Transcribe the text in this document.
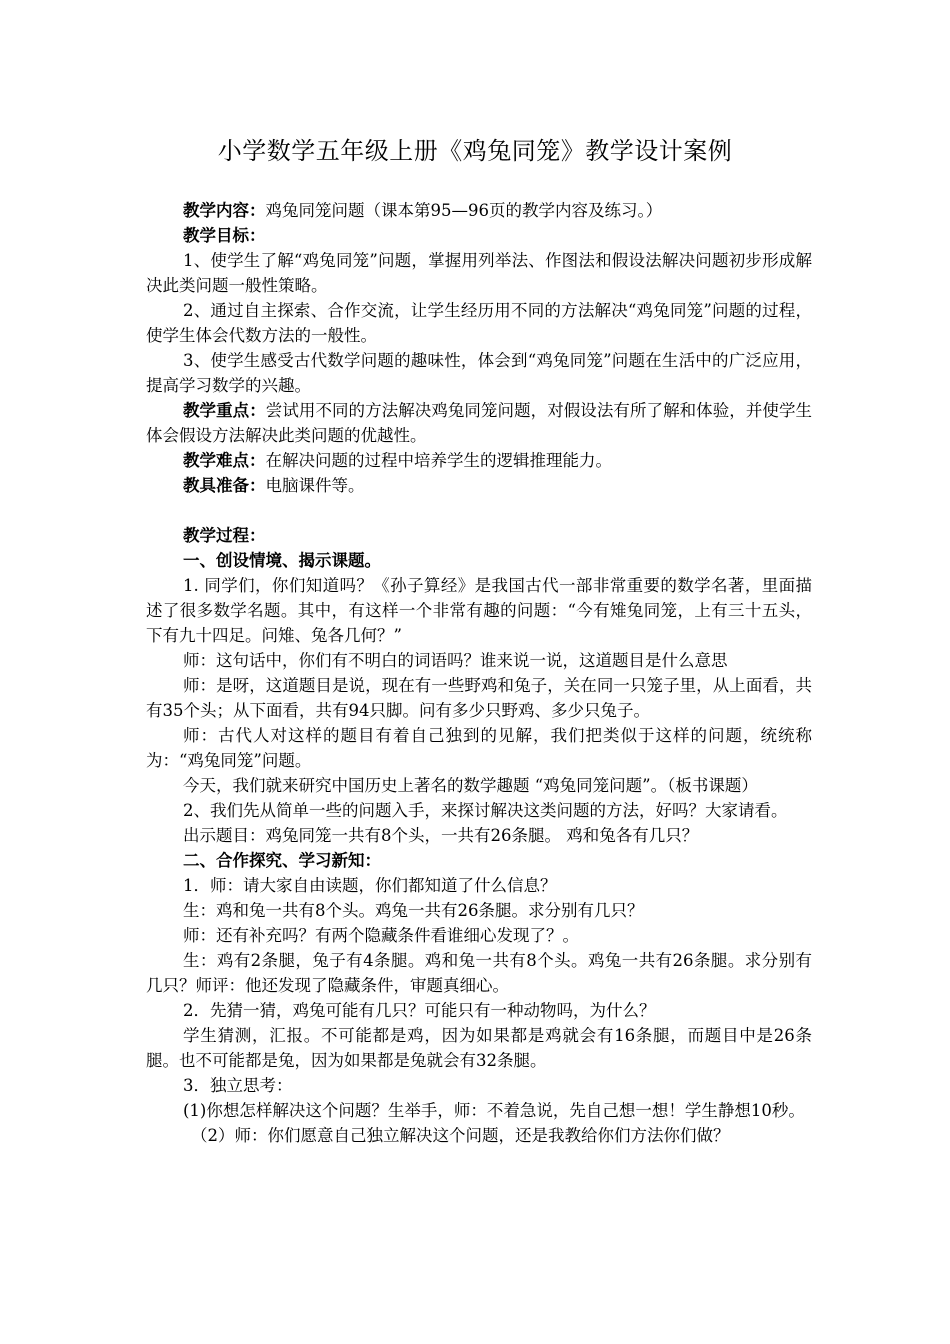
小学数学五年级上册《鸡兔同笼》教学设计案例

教学内容：鸡兔同笼问题（课本第95—96页的教学内容及练习。）

教学目标：

1、使学生了解“鸡兔同笼”问题，掌握用列举法、作图法和假设法解决问题初步形成解决此类问题一般性策略。

2、通过自主探索、合作交流，让学生经历用不同的方法解决“鸡兔同笼”问题的过程，使学生体会代数方法的一般性。

3、使学生感受古代数学问题的趣味性，体会到“鸡兔同笼”问题在生活中的广泛应用，提高学习数学的兴趣。

教学重点：尝试用不同的方法解决鸡兔同笼问题，对假设法有所了解和体验，并使学生体会假设方法解决此类问题的优越性。

教学难点：在解决问题的过程中培养学生的逻辑推理能力。

教具准备：电脑课件等。

教学过程：

一、创设情境、揭示课题。

1. 同学们，你们知道吗？《孙子算经》是我国古代一部非常重要的数学名著，里面描述了很多数学名题。其中，有这样一个非常有趣的问题：“今有雉兔同笼，上有三十五头，下有九十四足。问雉、兔各几何？”

师：这句话中，你们有不明白的词语吗？谁来说一说，这道题目是什么意思

师：是呀，这道题目是说，现在有一些野鸡和兔子，关在同一只笼子里，从上面看，共有35个头；从下面看，共有94只脚。问有多少只野鸡、多少只兔子。

师：古代人对这样的题目有着自己独到的见解，我们把类似于这样的问题，统统称为：“鸡兔同笼”问题。

今天，我们就来研究中国历史上著名的数学趣题 “鸡兔同笼问题”。（板书课题）

2、我们先从简单一些的问题入手，来探讨解决这类问题的方法，好吗？大家请看。

出示题目：鸡兔同笼一共有8个头，一共有26条腿。 鸡和兔各有几只？

二、合作探究、学习新知：

1．师：请大家自由读题，你们都知道了什么信息？

生：鸡和兔一共有8个头。鸡兔一共有26条腿。求分别有几只？

师：还有补充吗？有两个隐藏条件看谁细心发现了？。

生：鸡有2条腿，兔子有4条腿。鸡和兔一共有8个头。鸡兔一共有26条腿。求分别有几只？师评：他还发现了隐藏条件，审题真细心。

2．先猜一猜，鸡兔可能有几只？可能只有一种动物吗，为什么？

学生猜测，汇报。不可能都是鸡，因为如果都是鸡就会有16条腿，而题目中是26条腿。也不可能都是兔，因为如果都是兔就会有32条腿。

3．独立思考：

(1)你想怎样解决这个问题？生举手，师：不着急说，先自己想一想！学生静想10秒。

（2）师：你们愿意自己独立解决这个问题，还是我教给你们方法你们做？
